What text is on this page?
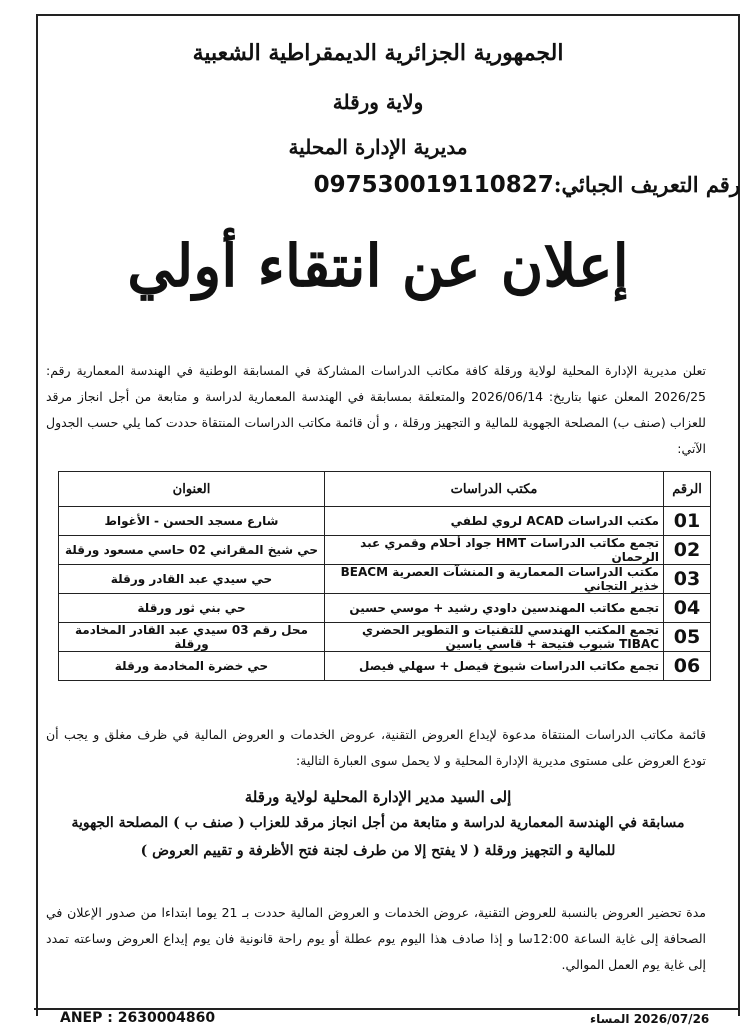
الجمهورية الجزائرية الديمقراطية الشعبية
ولاية ورقلة
مديرية الإدارة المحلية
رقم التعريف الجبائي:097530019110827
إعلان عن انتقاء أولي
تعلن مديرية الإدارة المحلية لولاية ورقلة كافة مكاتب الدراسات المشاركة في المسابقة الوطنية في الهندسة المعمارية رقم: 2026/25 المعلن عنها بتاريخ: 2026/06/14 والمتعلقة بمسابقة في الهندسة المعمارية لدراسة و متابعة من أجل انجاز مرقد للعزاب (صنف ب) المصلحة الجهوية للمالية و التجهيز ورقلة ، و أن قائمة مكاتب الدراسات المنتقاة حددت كما يلي حسب الجدول الآتي:
الرقم	مكتب الدراسات	العنوان
01	مكتب الدراسات ACAD لروي لطفي	شارع مسجد الحسن - الأغواط
02	تجمع مكاتب الدراسات HMT جواد أحلام وقمري عبد الرحمان	حي شيخ المقراني 02 حاسي مسعود ورقلة
03	مكتب الدراسات المعمارية و المنشآت العصرية BEACM خذير التجاني	حي سيدي عبد القادر ورقلة
04	تجمع مكاتب المهندسين داودي رشيد + موسي حسين	حي بني ثور ورقلة
05	تجمع المكتب الهندسي للتقنيات و التطوير الحضري TIBAC شبوب فتيحة + قاسي ياسين	محل رقم 03 سيدي عبد القادر المخادمة ورقلة
06	تجمع مكاتب الدراسات شيوخ فيصل + سهلي فيصل	حي خضرة المخادمة ورقلة
قائمة مكاتب الدراسات المنتقاة مدعوة لإيداع العروض التقنية، عروض الخدمات و العروض المالية في ظرف مغلق و يجب أن تودع العروض على مستوى مديرية الإدارة المحلية و لا يحمل سوى العبارة التالية:
إلى السيد مدير الإدارة المحلية لولاية ورقلة
مسابقة في الهندسة المعمارية لدراسة و متابعة من أجل انجاز مرقد للعزاب ( صنف ب ) المصلحة الجهوية
للمالية و التجهيز ورقلة ( لا يفتح إلا من طرف لجنة فتح الأظرفة و تقييم العروض )
مدة تحضير العروض بالنسبة للعروض التقنية، عروض الخدمات و العروض المالية حددت بـ 21 يوما ابتداءا من صدور الإعلان في الصحافة إلى غاية الساعة 12:00سا و إذا صادف هذا اليوم يوم عطلة أو يوم راحة قانونية فان يوم إيداع العروض وساعته تمدد إلى غاية يوم العمل الموالي.
ANEP : 2630004860	2026/07/26 المساء
